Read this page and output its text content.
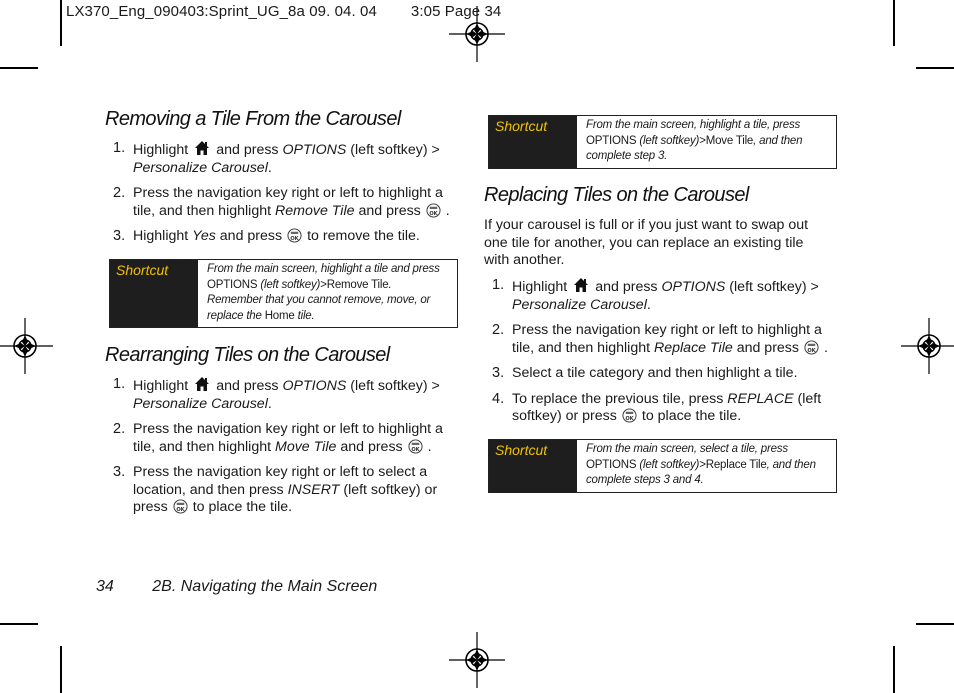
LX370_Eng_090403:Sprint_UG_8a 09. 04. 04 3:05 Page 34
Removing a Tile From the Carousel
1. Highlight and press OPTIONS (left softkey) > Personalize Carousel.
2. Press the navigation key right or left to highlight a tile, and then highlight Remove Tile and press .
3. Highlight Yes and press to remove the tile.
Shortcut	From the main screen, highlight a tile and press OPTIONS (left softkey)>Remove Tile. Remember that you cannot remove, move, or replace the Home tile.
Rearranging Tiles on the Carousel
1. Highlight and press OPTIONS (left softkey) > Personalize Carousel.
2. Press the navigation key right or left to highlight a tile, and then highlight Move Tile and press .
3. Press the navigation key right or left to select a location, and then press INSERT (left softkey) or press to place the tile.
Shortcut	From the main screen, highlight a tile, press OPTIONS (left softkey)>Move Tile, and then complete step 3.
Replacing Tiles on the Carousel
If your carousel is full or if you just want to swap out one tile for another, you can replace an existing tile with another.
1. Highlight and press OPTIONS (left softkey) > Personalize Carousel.
2. Press the navigation key right or left to highlight a tile, and then highlight Replace Tile and press .
3. Select a tile category and then highlight a tile.
4. To replace the previous tile, press REPLACE (left softkey) or press to place the tile.
Shortcut	From the main screen, select a tile, press OPTIONS (left softkey)>Replace Tile, and then complete steps 3 and 4.
34 2B. Navigating the Main Screen
